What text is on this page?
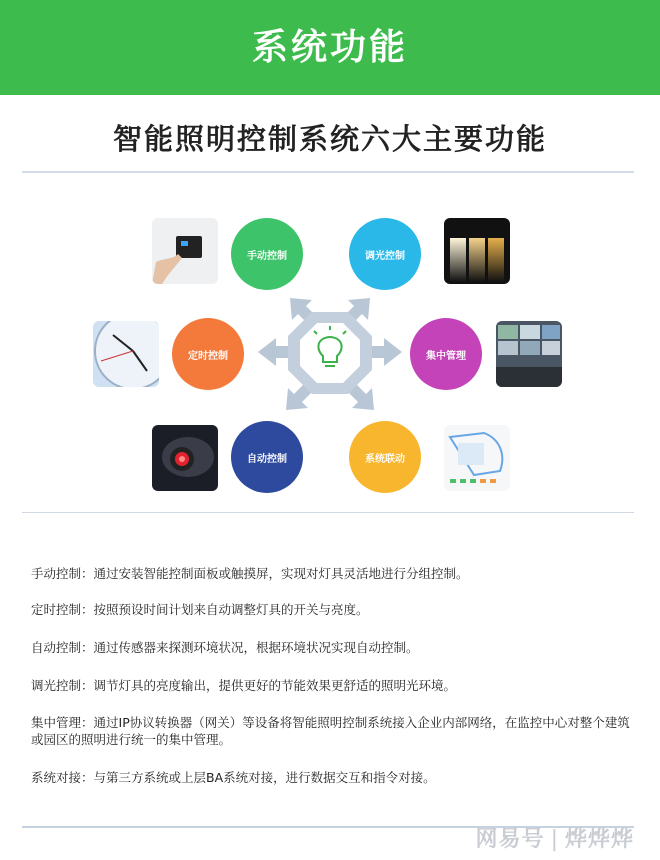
系统功能
智能照明控制系统六大主要功能
手动控制	调光控制
定时控制	集中管理
自动控制	系统联动
手动控制：通过安装智能控制面板或触摸屏，实现对灯具灵活地进行分组控制。
定时控制：按照预设时间计划来自动调整灯具的开关与亮度。
自动控制：通过传感器来探测环境状况，根据环境状况实现自动控制。
调光控制：调节灯具的亮度输出，提供更好的节能效果更舒适的照明光环境。
集中管理：通过IP协议转换器（网关）等设备将智能照明控制系统接入企业内部网络，在监控中心对整个建筑或园区的照明进行统一的集中管理。
系统对接：与第三方系统或上层BA系统对接，进行数据交互和指令对接。
网易号 | 烨烨烨
